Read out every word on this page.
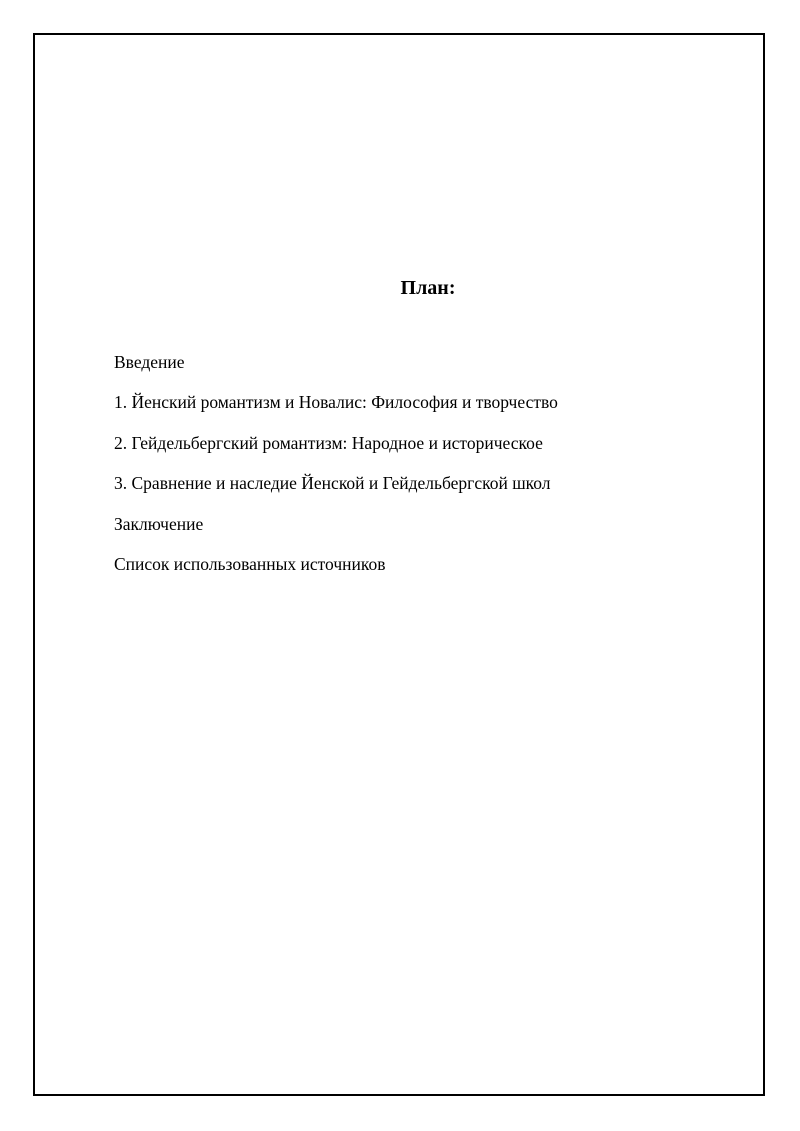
План:
Введение
1. Йенский романтизм и Новалис: Философия и творчество
2. Гейдельбергский романтизм: Народное и историческое
3. Сравнение и наследие Йенской и Гейдельбергской школ
Заключение
Список использованных источников
